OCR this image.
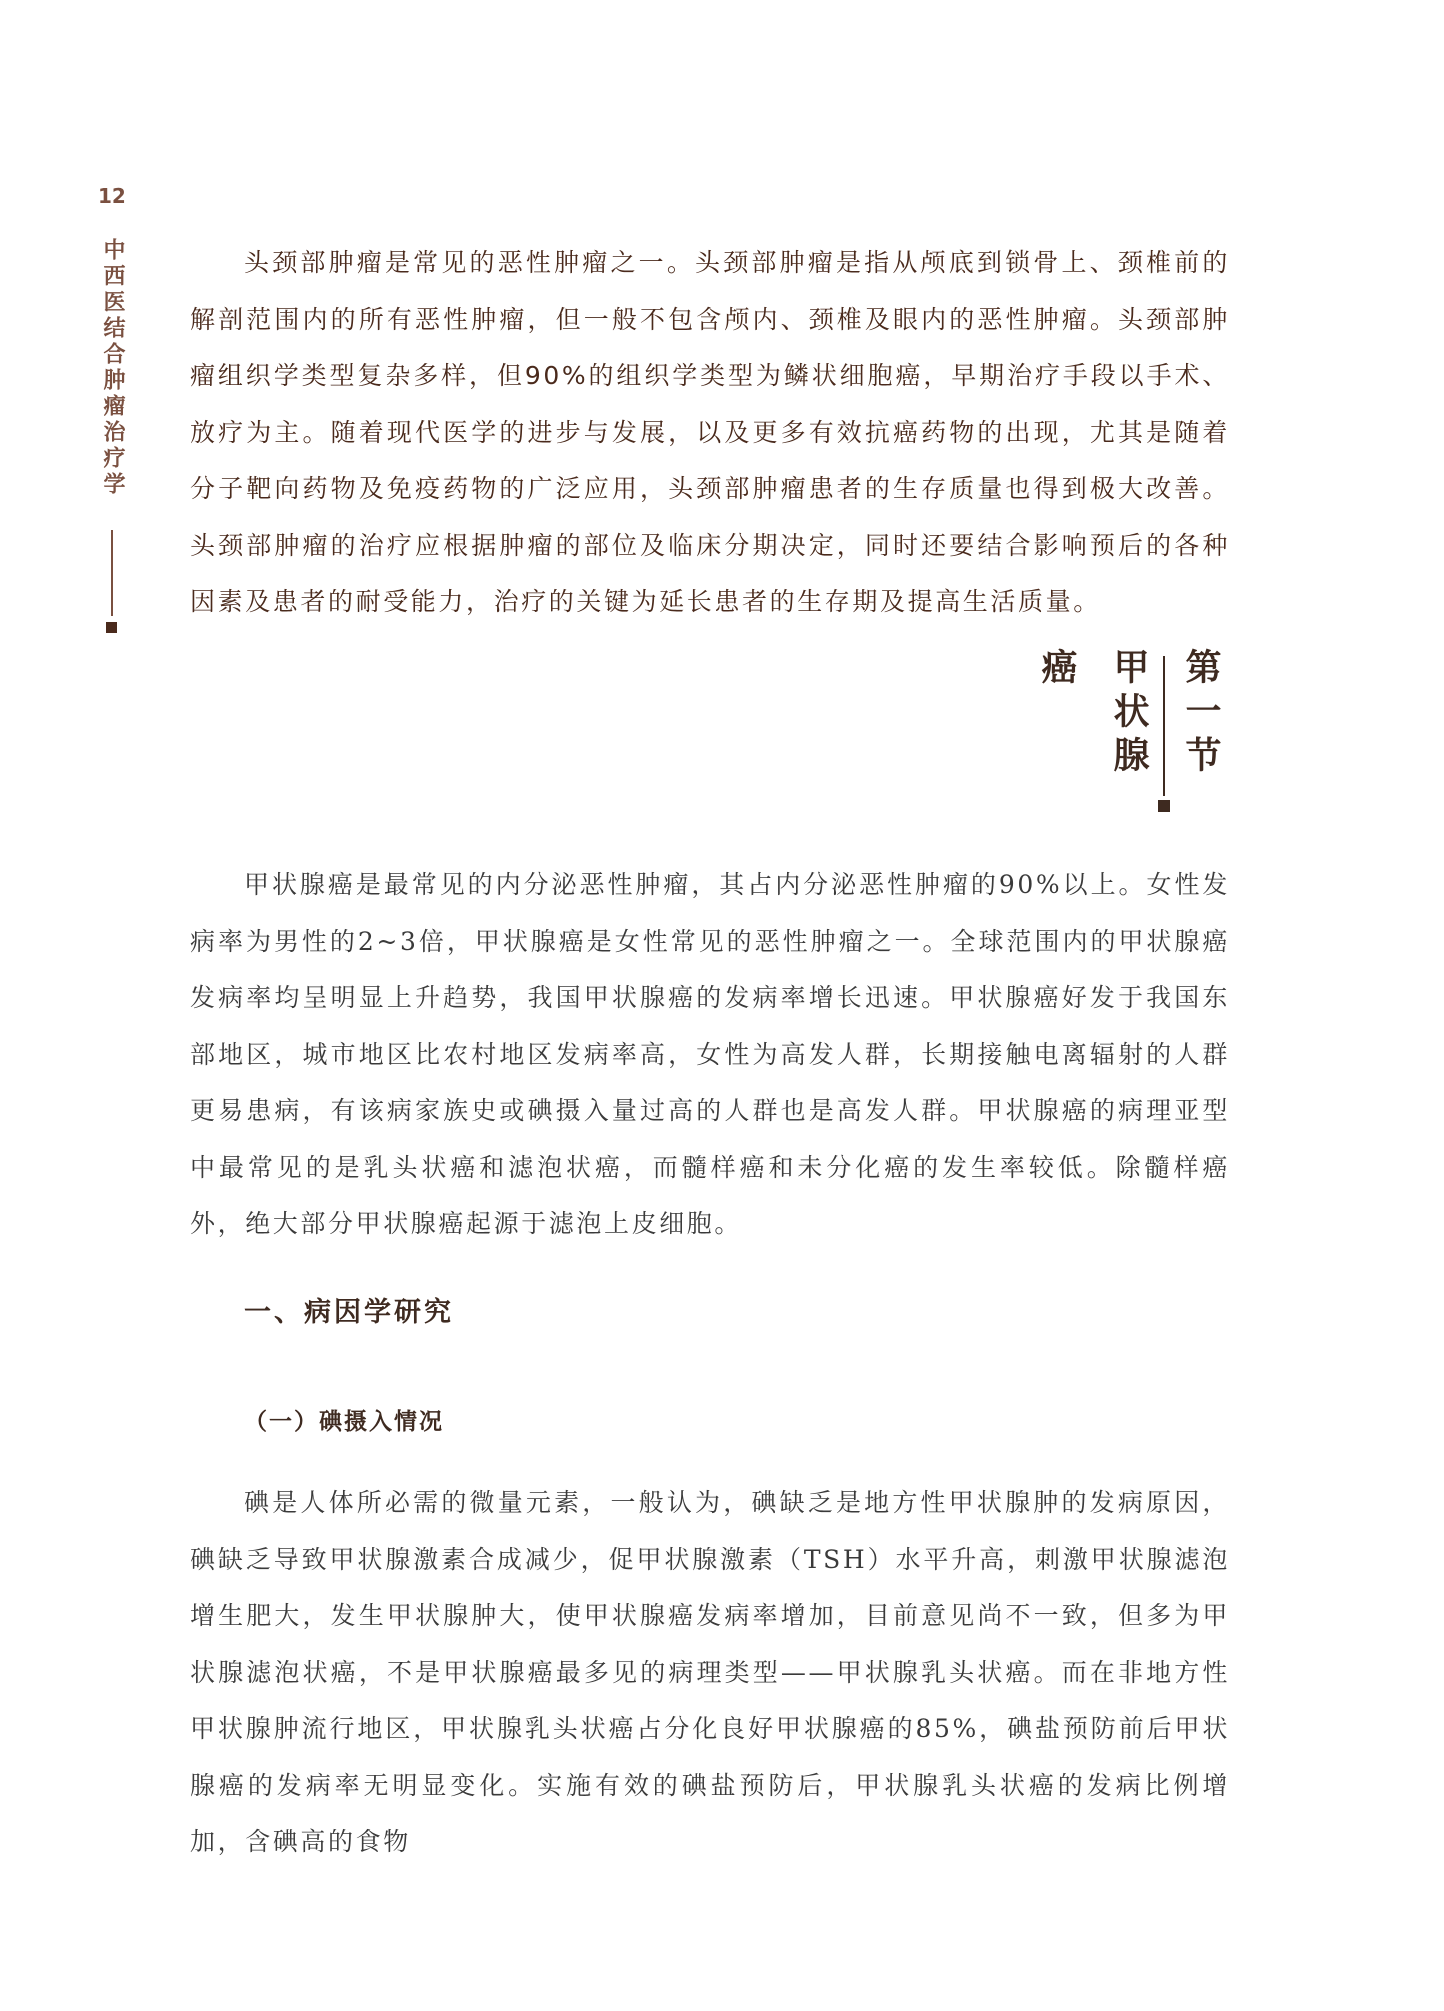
12
中西医结合肿瘤治疗学	头颈部肿瘤是常见的恶性肿瘤之一。头颈部肿瘤是指从颅底到锁骨上、颈椎前的解剖范围内的所有恶性肿瘤，但一般不包含颅内、颈椎及眼内的恶性肿瘤。头颈部肿瘤组织学类型复杂多样，但90%的组织学类型为鳞状细胞癌，早期治疗手段以手术、放疗为主。随着现代医学的进步与发展，以及更多有效抗癌药物的出现，尤其是随着分子靶向药物及免疫药物的广泛应用，头颈部肿瘤患者的生存质量也得到极大改善。头颈部肿瘤的治疗应根据肿瘤的部位及临床分期决定，同时还要结合影响预后的各种因素及患者的耐受能力，治疗的关键为延长患者的生存期及提高生活质量。

第一节甲状腺癌

甲状腺癌是最常见的内分泌恶性肿瘤，其占内分泌恶性肿瘤的90%以上。女性发病率为男性的2~3倍，甲状腺癌是女性常见的恶性肿瘤之一。全球范围内的甲状腺癌发病率均呈明显上升趋势，我国甲状腺癌的发病率增长迅速。甲状腺癌好发于我国东部地区，城市地区比农村地区发病率高，女性为高发人群，长期接触电离辐射的人群更易患病，有该病家族史或碘摄入量过高的人群也是高发人群。甲状腺癌的病理亚型中最常见的是乳头状癌和滤泡状癌，而髓样癌和未分化癌的发生率较低。除髓样癌外，绝大部分甲状腺癌起源于滤泡上皮细胞。

一、病因学研究
（一）碘摄入情况

碘是人体所必需的微量元素，一般认为，碘缺乏是地方性甲状腺肿的发病原因，碘缺乏导致甲状腺激素合成减少，促甲状腺激素（TSH）水平升高，刺激甲状腺滤泡增生肥大，发生甲状腺肿大，使甲状腺癌发病率增加，目前意见尚不一致，但多为甲状腺滤泡状癌，不是甲状腺癌最多见的病理类型——甲状腺乳头状癌。而在非地方性甲状腺肿流行地区，甲状腺乳头状癌占分化良好甲状腺癌的85%，碘盐预防前后甲状腺癌的发病率无明显变化。实施有效的碘盐预防后，甲状腺乳头状癌的发病比例增加，含碘高的食物
